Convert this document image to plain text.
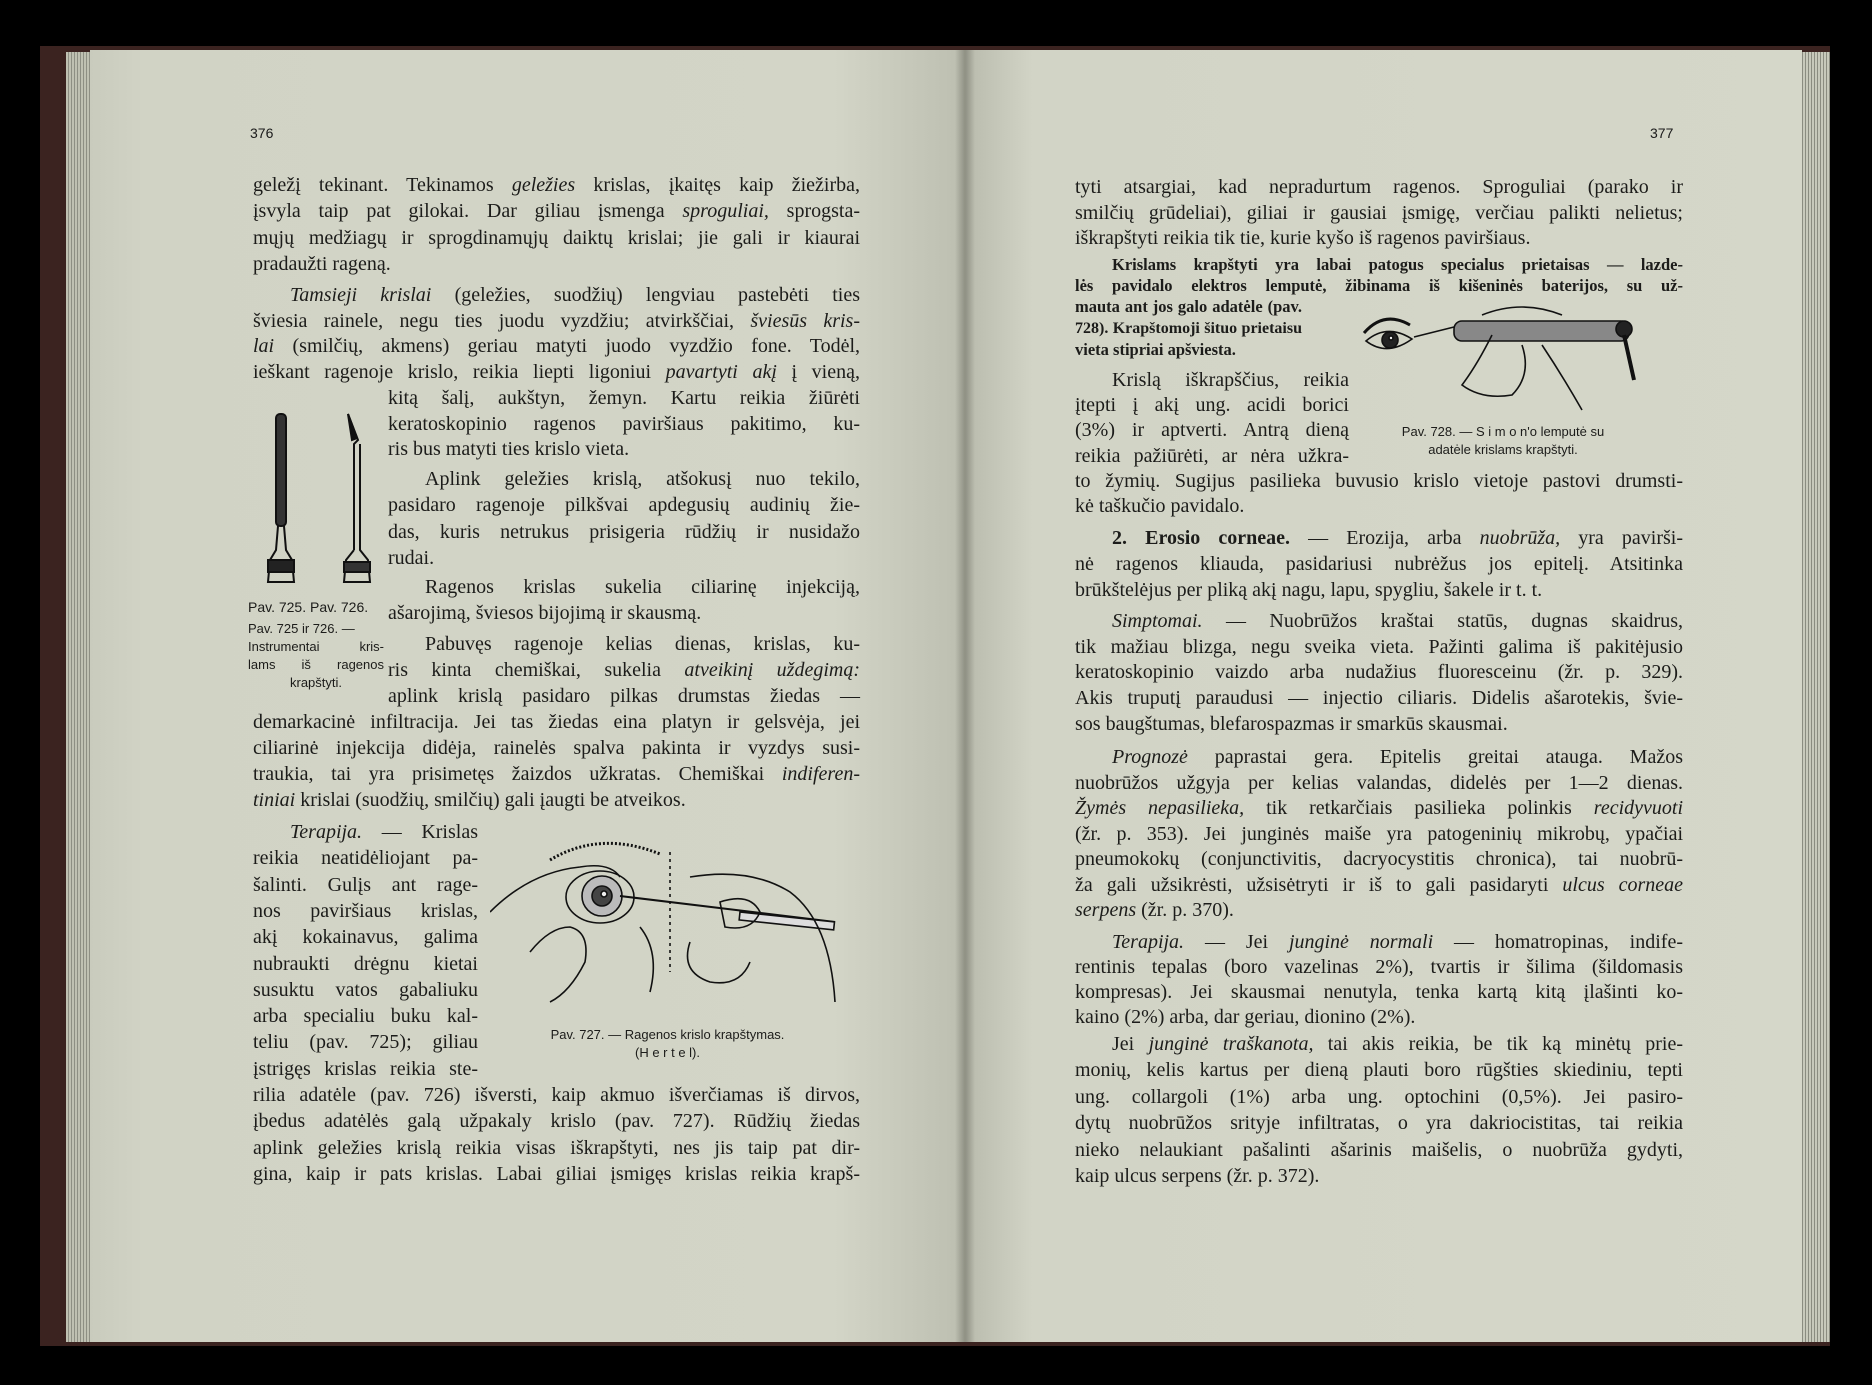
376	377
Pav. 725. Pav. 726.
Pav. 725 ir 726. —
Instrumentai kris-
lams iš ragenos
krapštyti.
Pav. 727. — Ragenos krislo krapštymas.
(H e r t e l).
Pav. 728. — S i m o n'o lemputė su
adatėle krislams krapštyti.
geležį tekinant. Tekinamos geležies krislas, įkaitęs kaip žiežirba,
įsvyla taip pat gilokai. Dar giliau įsmenga sproguliai, sprogsta-
mųjų medžiagų ir sprogdinamųjų daiktų krislai; jie gali ir kiaurai
pradaužti rageną.
Tamsieji krislai (geležies, suodžių) lengviau pastebėti ties
šviesia rainele, negu ties juodu vyzdžiu; atvirkščiai, šviesūs kris-
lai (smilčių, akmens) geriau matyti juodo vyzdžio fone. Todėl,
ieškant ragenoje krislo, reikia liepti ligoniui pavartyti akį į vieną,
kitą šalį, aukštyn, žemyn. Kartu reikia žiūrėti
keratoskopinio ragenos paviršiaus pakitimo, ku-
ris bus matyti ties krislo vieta.
Aplink geležies krislą, atšokusį nuo tekilo,
pasidaro ragenoje pilkšvai apdegusių audinių žie-
das, kuris netrukus prisigeria rūdžių ir nusidažo
rudai.
Ragenos krislas sukelia ciliarinę injekciją,
ašarojimą, šviesos bijojimą ir skausmą.
Pabuvęs ragenoje kelias dienas, krislas, ku-
ris kinta chemiškai, sukelia atveikinį uždegimą:
aplink krislą pasidaro pilkas drumstas žiedas —
demarkacinė infiltracija. Jei tas žiedas eina platyn ir gelsvėja, jei
ciliarinė injekcija didėja, rainelės spalva pakinta ir vyzdys susi-
traukia, tai yra prisimetęs žaizdos užkratas. Chemiškai indiferen-
tiniai krislai (suodžių, smilčių) gali įaugti be atveikos.
Terapija. — Krislas
reikia neatidėliojant pa-
šalinti. Gulįs ant rage-
nos paviršiaus krislas,
akį kokainavus, galima
nubraukti drėgnu kietai
susuktu vatos gabaliuku
arba specialiu buku kal-
teliu (pav. 725); giliau
įstrigęs krislas reikia ste-
rilia adatėle (pav. 726) išversti, kaip akmuo išverčiamas iš dirvos,
įbedus adatėlės galą užpakaly krislo (pav. 727). Rūdžių žiedas
aplink geležies krislą reikia visas iškrapštyti, nes jis taip pat dir-
gina, kaip ir pats krislas. Labai giliai įsmigęs krislas reikia krapš-
tyti atsargiai, kad nepradurtum ragenos. Sproguliai (parako ir
smilčių grūdeliai), giliai ir gausiai įsmigę, verčiau palikti nelietus;
iškrapštyti reikia tik tie, kurie kyšo iš ragenos paviršiaus.
Krislams krapštyti yra labai patogus specialus prietaisas — lazde-
lės pavidalo elektros lemputė, žibinama iš kišeninės baterijos, su už-
mauta ant jos galo adatėle (pav.
728). Krapštomoji šituo prietaisu
vieta stipriai apšviesta.
Krislą iškrapščius, reikia
įtepti į akį ung. acidi borici
(3%) ir aptverti. Antrą dieną
reikia pažiūrėti, ar nėra užkra-
to žymių. Sugijus pasilieka buvusio krislo vietoje pastovi drumsti-
kė taškučio pavidalo.
2. Erosio corneae. — Erozija, arba nuobrūža, yra pavirši-
nė ragenos kliauda, pasidariusi nubrėžus jos epitelį. Atsitinka
brūkštelėjus per pliką akį nagu, lapu, spygliu, šakele ir t. t.
Simptomai. — Nuobrūžos kraštai statūs, dugnas skaidrus,
tik mažiau blizga, negu sveika vieta. Pažinti galima iš pakitėjusio
keratoskopinio vaizdo arba nudažius fluoresceinu (žr. p. 329).
Akis truputį paraudusi — injectio ciliaris. Didelis ašarotekis, švie-
sos baugštumas, blefarospazmas ir smarkūs skausmai.
Prognozė paprastai gera. Epitelis greitai atauga. Mažos
nuobrūžos užgyja per kelias valandas, didelės per 1—2 dienas.
Žymės nepasilieka, tik retkarčiais pasilieka polinkis recidyvuoti
(žr. p. 353). Jei junginės maiše yra patogeninių mikrobų, ypačiai
pneumokokų (conjunctivitis, dacryocystitis chronica), tai nuobrū-
ža gali užsikrėsti, užsisėtryti ir iš to gali pasidaryti ulcus corneae
serpens (žr. p. 370).
Terapija. — Jei junginė normali — homatropinas, indife-
rentinis tepalas (boro vazelinas 2%), tvartis ir šilima (šildomasis
kompresas). Jei skausmai nenutyla, tenka kartą kitą įlašinti ko-
kaino (2%) arba, dar geriau, dionino (2%).
Jei junginė traškanota, tai akis reikia, be tik ką minėtų prie-
monių, kelis kartus per dieną plauti boro rūgšties skiediniu, tepti
ung. collargoli (1%) arba ung. optochini (0,5%). Jei pasiro-
dytų nuobrūžos srityje infiltratas, o yra dakriocistitas, tai reikia
nieko nelaukiant pašalinti ašarinis maišelis, o nuobrūža gydyti,
kaip ulcus serpens (žr. p. 372).
